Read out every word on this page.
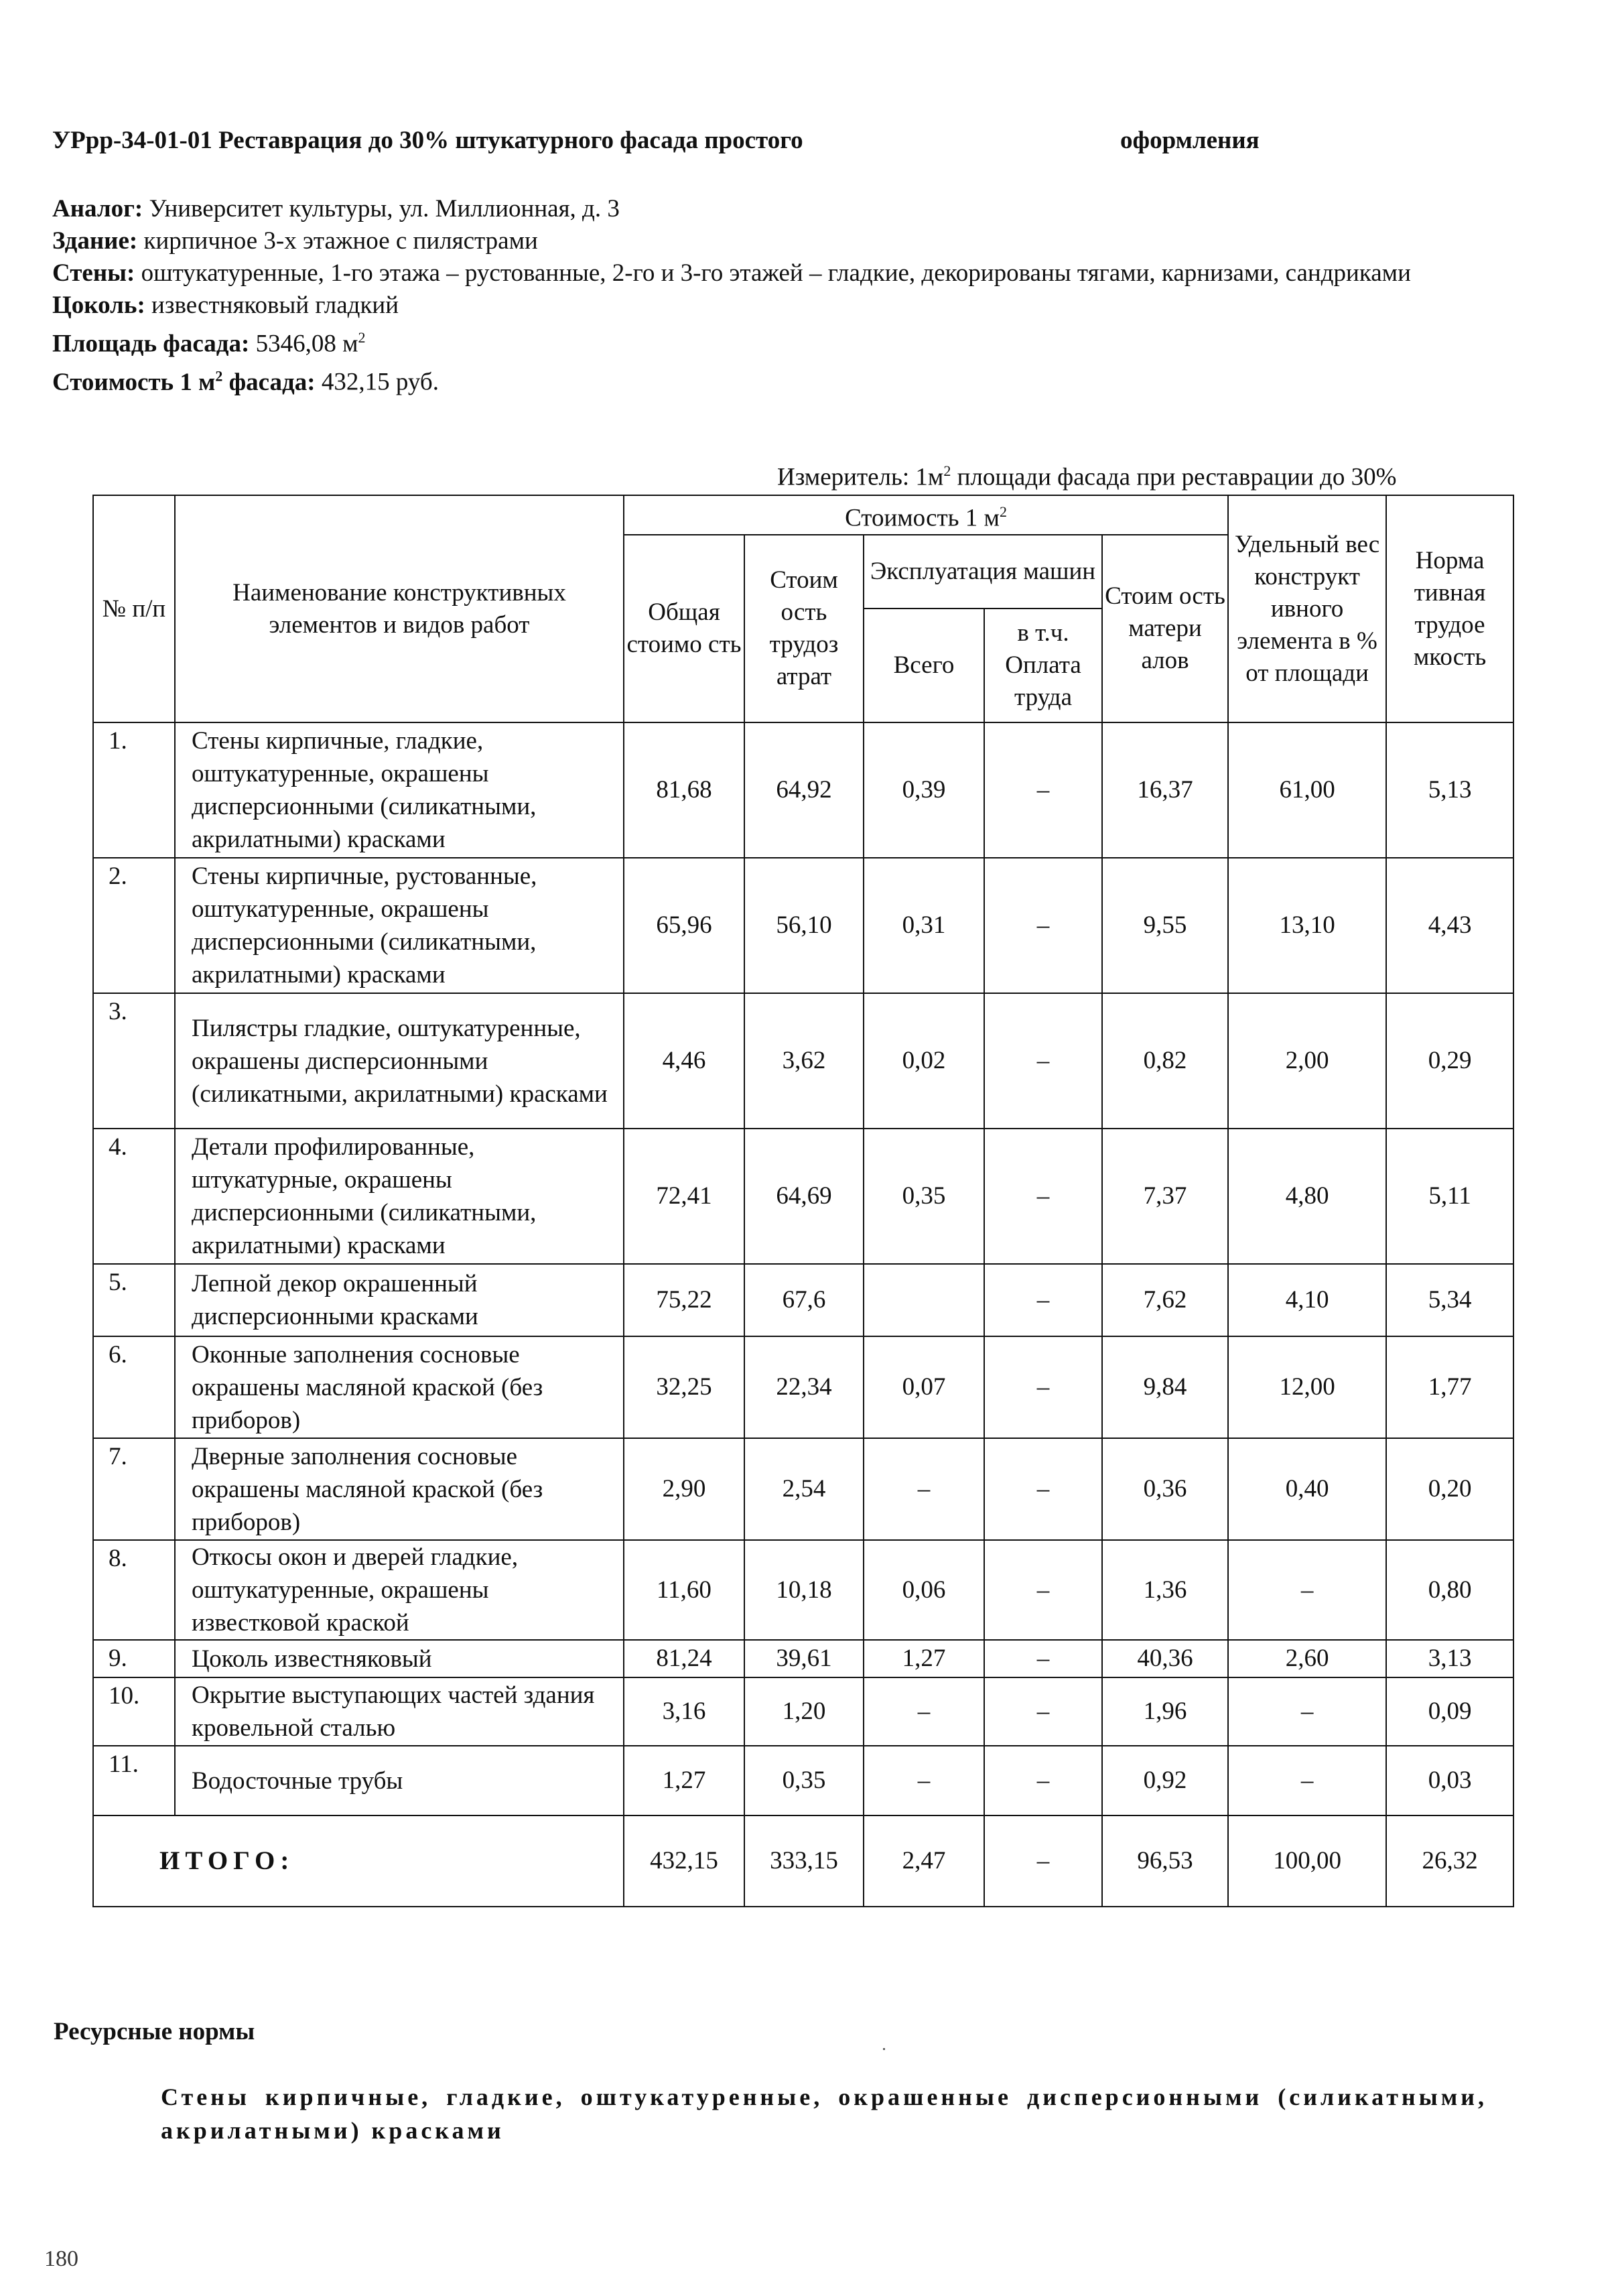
УРрр-34-01-01 Реставрация до 30% штукатурного фасада простого	оформления
Аналог: Университет культуры, ул. Миллионная, д. 3
Здание: кирпичное 3-х этажное с пилястрами
Стены: оштукатуренные, 1-го этажа – рустованные, 2-го и 3-го этажей – гладкие, декорированы тягами, карнизами, сандриками
Цоколь: известняковый гладкий
Площадь фасада: 5346,08 $м^2$
Стоимость 1 $м^2$ фасада: 432,15 руб.
Измеритель: $1м^2$ площади фасада при реставрации до 30%
№ п/п	Наименование конструктивных элементов и видов работ	Стоимость 1 $м^2$					Удельный вес конструкт ивного элемента в % от площади	Норма тивная трудое мкость
		Общая стоимо сть	Стоим ость трудоз атрат	Эксплуатация машин		Стоим ость матери алов		
				Всего	в т.ч. Оплата труда			
1.	Стены кирпичные, гладкие, оштукатуренные, окрашены дисперсионными (силикатными, акрилатными) красками	81,68	64,92	0,39	–	16,37	61,00	5,13
2.	Стены кирпичные, рустованные, оштукатуренные, окрашены дисперсионными (силикатными, акрилатными) красками	65,96	56,10	0,31	–	9,55	13,10	4,43
3.	Пилястры гладкие, оштукатуренные, окрашены дисперсионными (силикатными, акрилатными) красками	4,46	3,62	0,02	–	0,82	2,00	0,29
4.	Детали профилированные, штукатурные, окрашены дисперсионными (силикатными, акрилатными) красками	72,41	64,69	0,35	–	7,37	4,80	5,11
5.	Лепной декор окрашенный дисперсионными красками	75,22	67,6		–	7,62	4,10	5,34
6.	Оконные заполнения сосновые окрашены масляной краской (без приборов)	32,25	22,34	0,07	–	9,84	12,00	1,77
7.	Дверные заполнения сосновые окрашены масляной краской (без приборов)	2,90	2,54	–	–	0,36	0,40	0,20
8.	Откосы окон и дверей гладкие, оштукатуренные, окрашены известковой краской	11,60	10,18	0,06	–	1,36	–	0,80
9.	Цоколь известняковый	81,24	39,61	1,27	–	40,36	2,60	3,13
10.	Окрытие выступающих частей здания кровельной сталью	3,16	1,20	–	–	1,96	–	0,09
11.	Водосточные трубы	1,27	0,35	–	–	0,92	–	0,03
ИТОГО:		432,15	333,15	2,47	–	96,53	100,00	26,32
Ресурсные нормы
Стены кирпичные, гладкие, оштукатуренные, окрашенные дисперсионными (силикатными, акрилатными) красками
180
